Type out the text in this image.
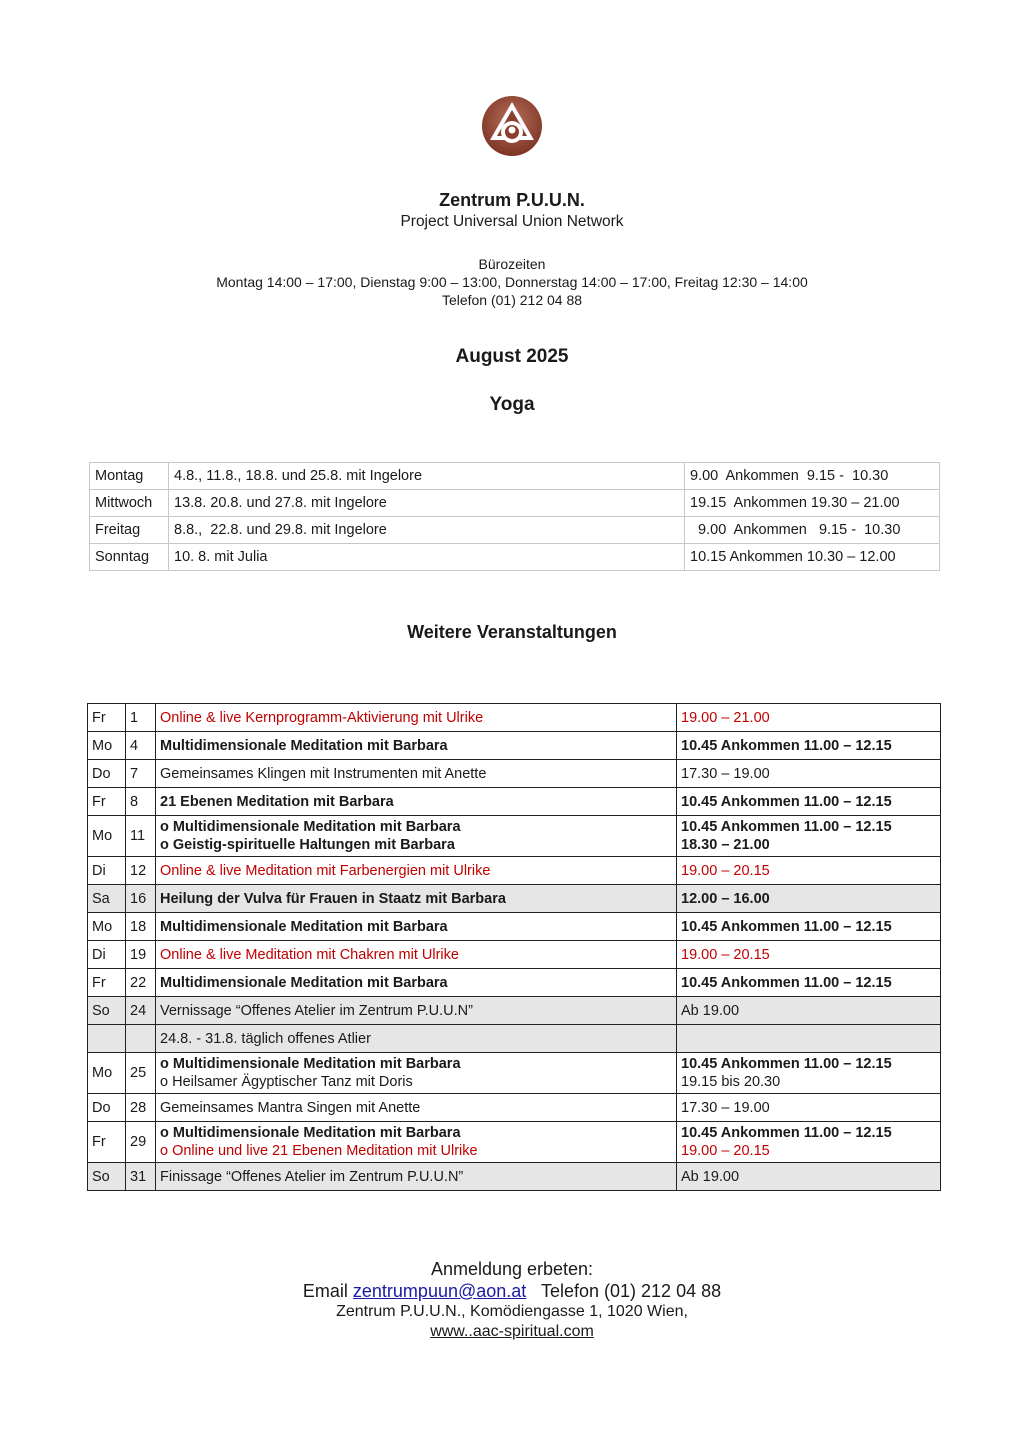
Zentrum P.U.U.N.
Project Universal Union Network
Bürozeiten
Montag 14:00 – 17:00, Dienstag 9:00 – 13:00, Donnerstag 14:00 – 17:00, Freitag 12:30 – 14:00
Telefon (01) 212 04 88
August 2025
Yoga
Montag	4.8., 11.8., 18.8. und 25.8. mit Ingelore	9.00  Ankommen  9.15 -  10.30
Mittwoch	13.8. 20.8. und 27.8. mit Ingelore	19.15  Ankommen 19.30 – 21.00
Freitag	8.8.,  22.8. und 29.8. mit Ingelore	9.00  Ankommen   9.15 -  10.30
Sonntag	10. 8. mit Julia	10.15 Ankommen 10.30 – 12.00
Weitere Veranstaltungen
Fr	1	Online & live Kernprogramm-Aktivierung mit Ulrike	19.00 – 21.00

Mo	4	Multidimensionale Meditation mit Barbara	10.45 Ankommen 11.00 – 12.15

Do	7	Gemeinsames Klingen mit Instrumenten mit Anette	17.30 – 19.00

Fr	8	21 Ebenen Meditation mit Barbara	10.45 Ankommen 11.00 – 12.15

Mo	11	o Multidimensionale Meditation mit Barbara
o Geistig-spirituelle Haltungen mit Barbara	10.45 Ankommen 11.00 – 12.15
18.30 – 21.00

Di	12	Online & live Meditation mit Farbenergien mit Ulrike	19.00 – 20.15

Sa	16	Heilung der Vulva für Frauen in Staatz mit Barbara	12.00 – 16.00

Mo	18	Multidimensionale Meditation mit Barbara	10.45 Ankommen 11.00 – 12.15

Di	19	Online & live Meditation mit Chakren mit Ulrike	19.00 – 20.15

Fr	22	Multidimensionale Meditation mit Barbara	10.45 Ankommen 11.00 – 12.15

So	24	Vernissage “Offenes Atelier im Zentrum P.U.U.N”	Ab 19.00

		24.8. - 31.8. täglich offenes Atlier	

Mo	25	o Multidimensionale Meditation mit Barbara
o Heilsamer Ägyptischer Tanz mit Doris	10.45 Ankommen 11.00 – 12.15
19.15 bis 20.30

Do	28	Gemeinsames Mantra Singen mit Anette	17.30 – 19.00

Fr	29	o Multidimensionale Meditation mit Barbara
o Online und live 21 Ebenen Meditation mit Ulrike	10.45 Ankommen 11.00 – 12.15
19.00 – 20.15

So	31	Finissage “Offenes Atelier im Zentrum P.U.U.N”	Ab 19.00
Anmeldung erbeten:
Email zentrumpuun@aon.at   Telefon (01) 212 04 88
Zentrum P.U.U.N., Komödiengasse 1, 1020 Wien,
www..aac-spiritual.com
